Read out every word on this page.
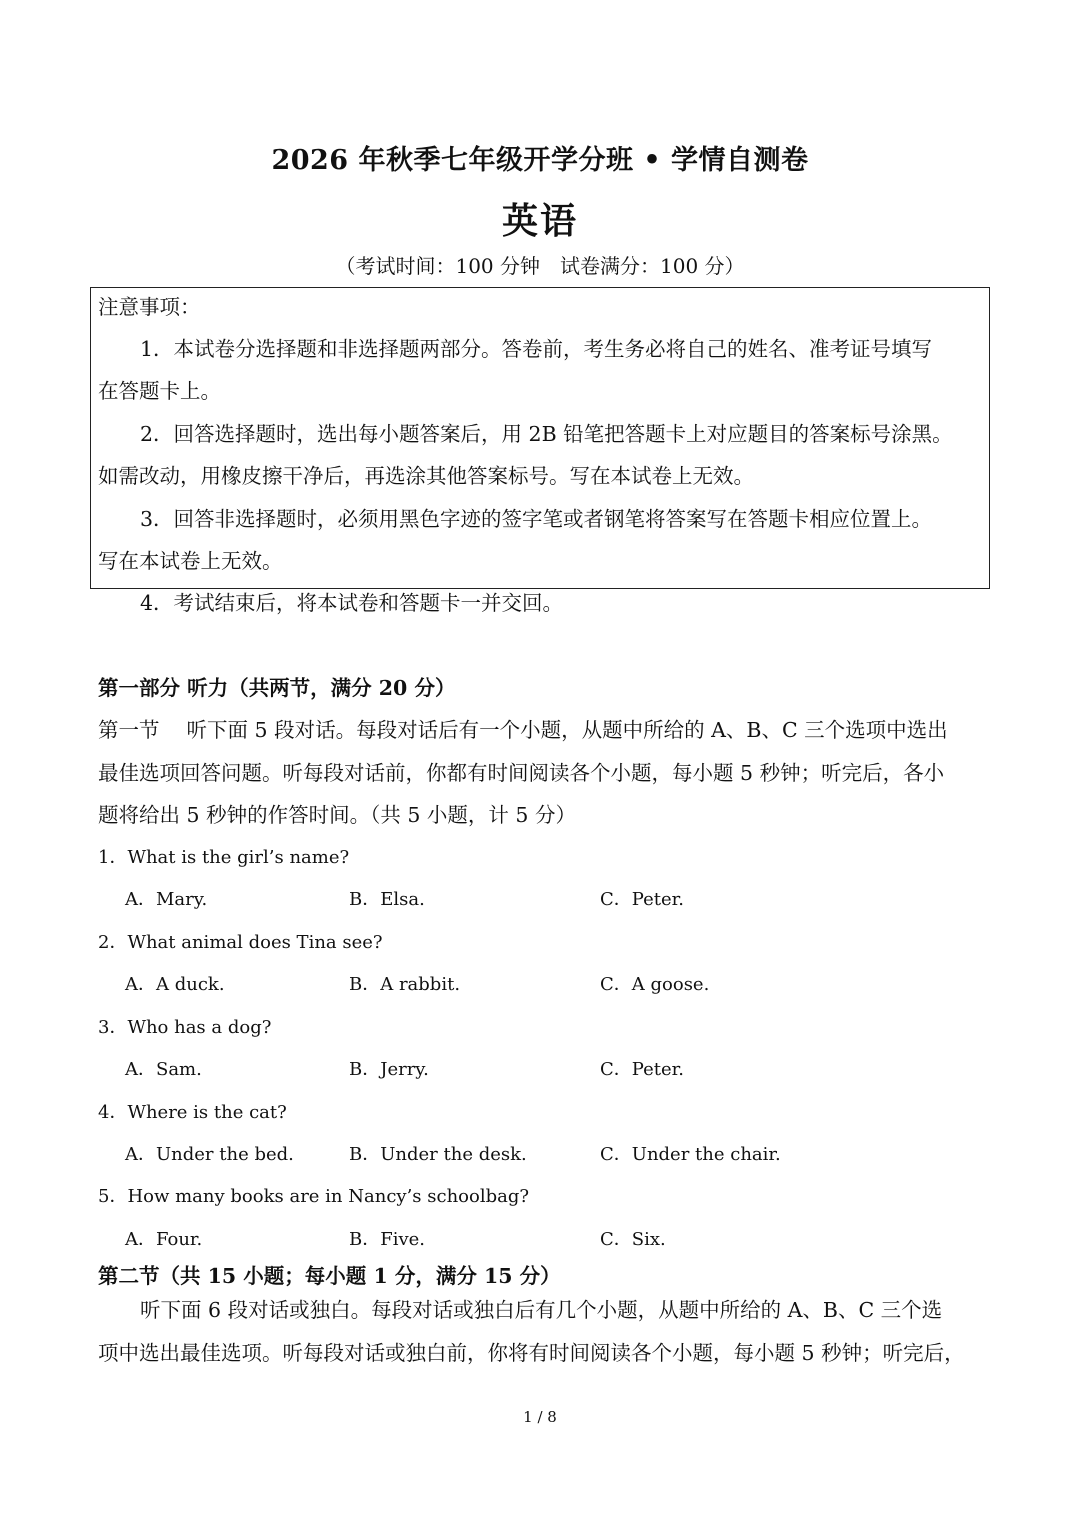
2026 年秋季七年级开学分班 • 学情自测卷
英语
（考试时间：100 分钟　试卷满分：100 分）
注意事项：
1．本试卷分选择题和非选择题两部分。答卷前，考生务必将自己的姓名、准考证号填写
在答题卡上。
2．回答选择题时，选出每小题答案后，用 2B 铅笔把答题卡上对应题目的答案标号涂黑。
如需改动，用橡皮擦干净后，再选涂其他答案标号。写在本试卷上无效。
3．回答非选择题时，必须用黑色字迹的签字笔或者钢笔将答案写在答题卡相应位置上。
写在本试卷上无效。
4．考试结束后，将本试卷和答题卡一并交回。
第一部分 听力（共两节，满分 20 分）
第一节　 听下面 5 段对话。每段对话后有一个小题，从题中所给的 A、B、C 三个选项中选出
最佳选项回答问题。听每段对话前，你都有时间阅读各个小题，每小题 5 秒钟；听完后，各小
题将给出 5 秒钟的作答时间。（共 5 小题，计 5 分）
1．What is the girl’s name?
A．Mary.	B．Elsa.	C．Peter.
2．What animal does Tina see?
A．A duck.	B．A rabbit.	C．A goose.
3．Who has a dog?
A．Sam.	B．Jerry.	C．Peter.
4．Where is the cat?
A．Under the bed.	B．Under the desk.	C．Under the chair.
5．How many books are in Nancy’s schoolbag?
A．Four.	B．Five.	C．Six.
第二节（共 15 小题；每小题 1 分，满分 15 分）
听下面 6 段对话或独白。每段对话或独白后有几个小题，从题中所给的 A、B、C 三个选
项中选出最佳选项。听每段对话或独白前，你将有时间阅读各个小题，每小题 5 秒钟；听完后，
1 / 8
